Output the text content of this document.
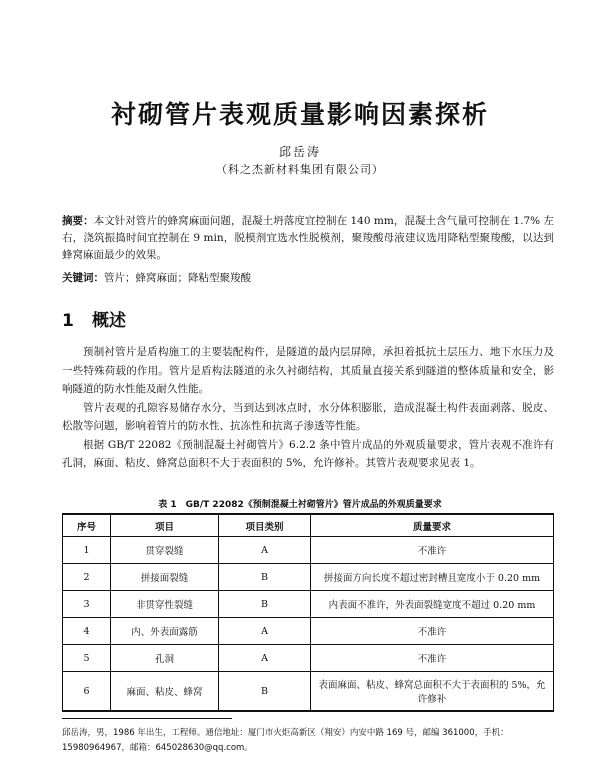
衬砌管片表观质量影响因素探析
邱岳涛
（科之杰新材料集团有限公司）
摘要：本文针对管片的蜂窝麻面问题，混凝土坍落度宜控制在 140 mm，混凝土含气量可控制在 1.7% 左右，浇筑振捣时间宜控制在 9 min，脱模剂宜选水性脱模剂，聚羧酸母液建议选用降粘型聚羧酸，以达到蜂窝麻面最少的效果。
关键词：管片；蜂窝麻面；降粘型聚羧酸
1 概述

预制衬管片是盾构施工的主要装配构件，是隧道的最内层屏障，承担着抵抗土层压力、地下水压力及一些特殊荷载的作用。管片是盾构法隧道的永久衬砌结构，其质量直接关系到隧道的整体质量和安全，影响隧道的防水性能及耐久性能。

管片表观的孔隙容易储存水分，当到达到冰点时，水分体积膨胀，造成混凝土构件表面剥落、脱皮、松散等问题，影响着管片的防水性、抗冻性和抗离子渗透等性能。

根据 GB/T 22082《预制混凝土衬砌管片》6.2.2 条中管片成品的外观质量要求，管片表观不准许有孔洞，麻面、粘皮、蜂窝总面积不大于表面积的 5%，允许修补。其管片表观要求见表 1。

表 1　GB/T 22082《预制混凝土衬砌管片》管片成品的外观质量要求
序号	项目	项目类别	质量要求
1	贯穿裂缝	A	不准许
2	拼接面裂缝	B	拼接面方向长度不超过密封槽且宽度小于 0.20 mm
3	非贯穿性裂缝	B	内表面不准许，外表面裂缝宽度不超过 0.20 mm
4	内、外表面露筋	A	不准许
5	孔洞	A	不准许
6	麻面、粘皮、蜂窝	B	表面麻面、粘皮、蜂窝总面积不大于表面积的 5%，允许修补
邱岳涛，男，1986 年出生，工程师。通信地址：厦门市火炬高新区（翔安）内安中路 169 号，邮编 361000，手机：15980964967，邮箱：645028630@qq.com。
